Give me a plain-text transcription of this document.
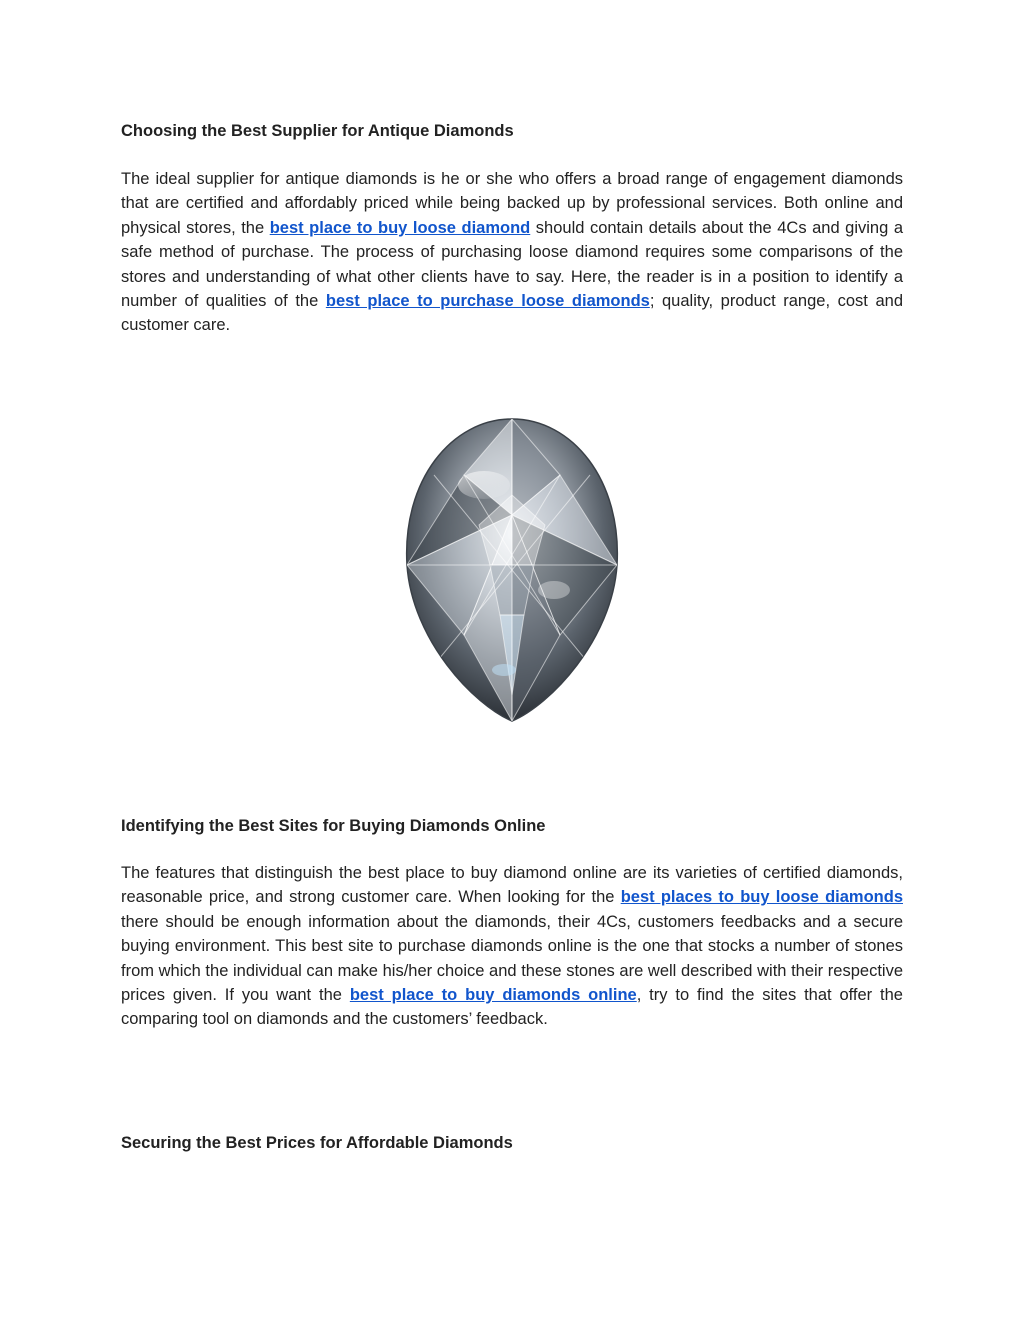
Choosing the Best Supplier for Antique Diamonds

The ideal supplier for antique diamonds is he or she who offers a broad range of engagement diamonds that are certified and affordably priced while being backed up by professional services. Both online and physical stores, the best place to buy loose diamond should contain details about the 4Cs and giving a safe method of purchase. The process of purchasing loose diamond requires some comparisons of the stores and understanding of what other clients have to say. Here, the reader is in a position to identify a number of qualities of the best place to purchase loose diamonds; quality, product range, cost and customer care.

Identifying the Best Sites for Buying Diamonds Online

The features that distinguish the best place to buy diamond online are its varieties of certified diamonds, reasonable price, and strong customer care. When looking for the best places to buy loose diamonds there should be enough information about the diamonds, their 4Cs, customers feedbacks and a secure buying environment. This best site to purchase diamonds online is the one that stocks a number of stones from which the individual can make his/her choice and these stones are well described with their respective prices given. If you want the best place to buy diamonds online, try to find the sites that offer the comparing tool on diamonds and the customers’ feedback.

Securing the Best Prices for Affordable Diamonds
